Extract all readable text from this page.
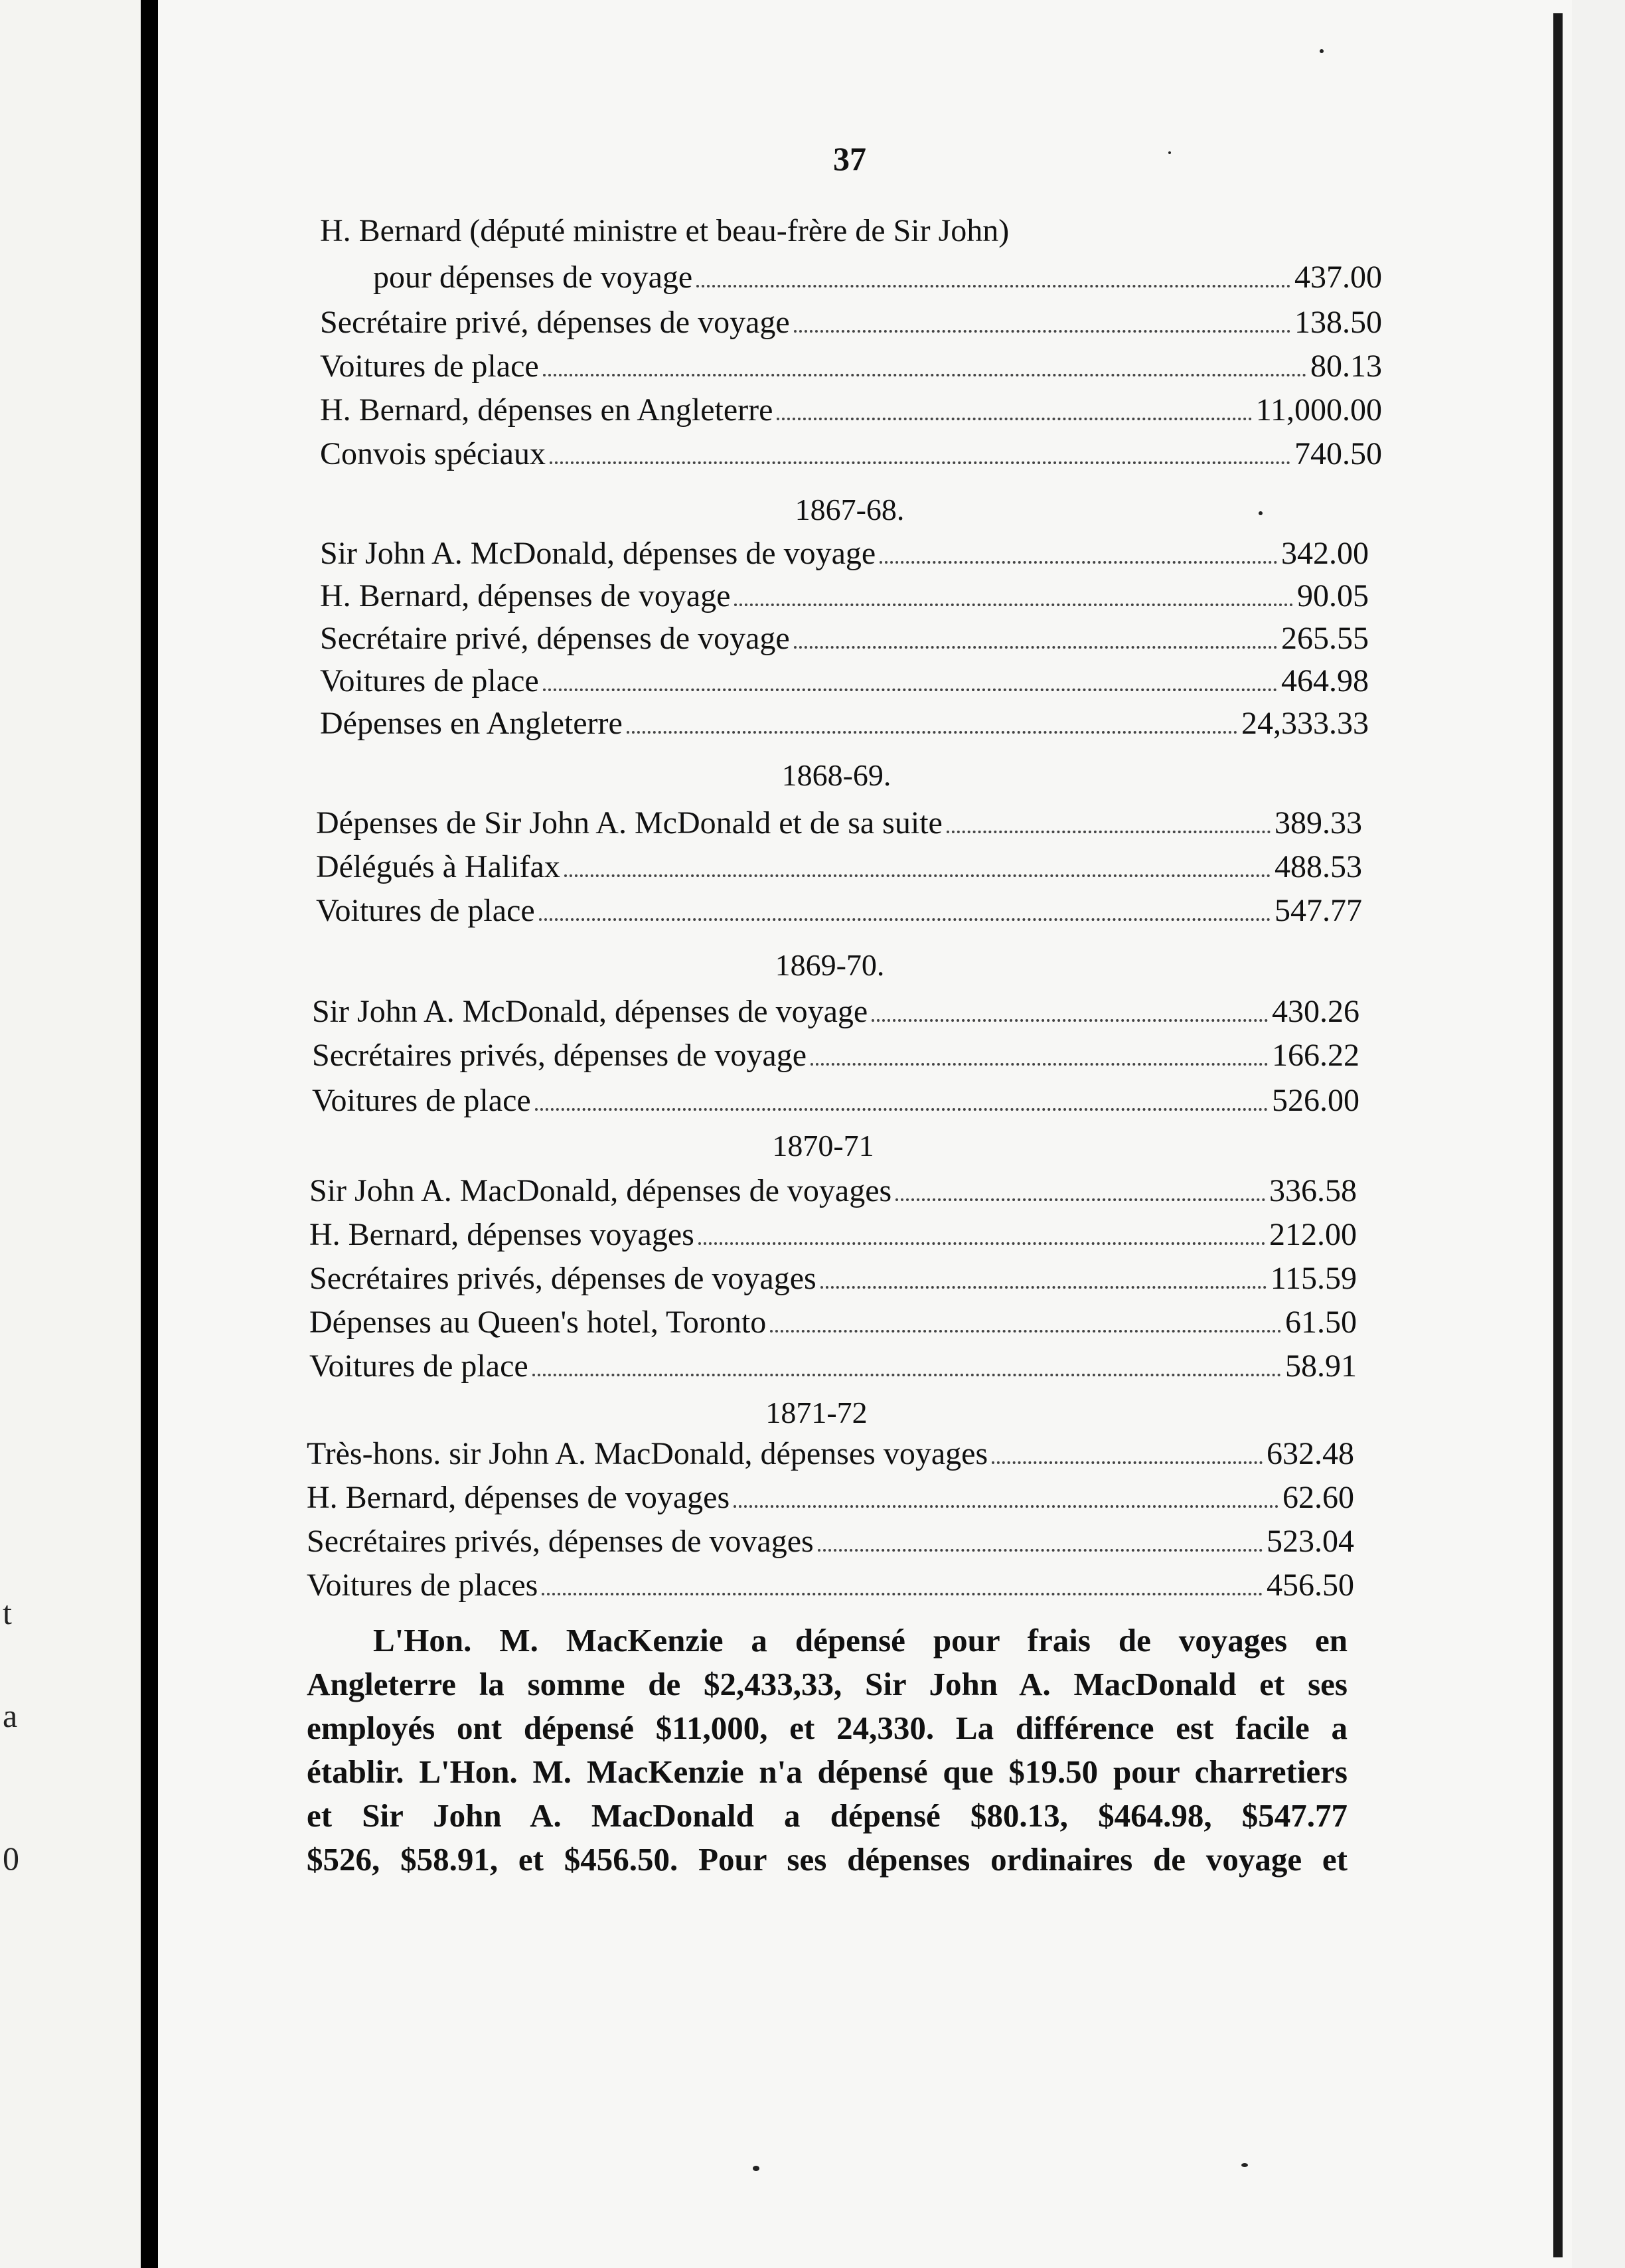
t
a
0
37
H. Bernard (député ministre et beau-frère de Sir John)
pour dépenses de voyage	437.00
Secrétaire privé, dépenses de voyage	138.50
Voitures de place	80.13
H. Bernard, dépenses en Angleterre	11,000.00
Convois spéciaux	740.50
1867-68.
Sir John A. McDonald, dépenses de voyage	342.00
H. Bernard, dépenses de voyage	90.05
Secrétaire privé, dépenses de voyage	265.55
Voitures de place	464.98
Dépenses en Angleterre	24,333.33
1868-69.
Dépenses de Sir John A. McDonald et de sa suite	389.33
Délégués à Halifax	488.53
Voitures de place	547.77
1869-70.
Sir John A. McDonald, dépenses de voyage	430.26
Secrétaires privés, dépenses de voyage	166.22
Voitures de place	526.00
1870-71
Sir John A. MacDonald, dépenses de voyages	336.58
H. Bernard, dépenses voyages	212.00
Secrétaires privés, dépenses de voyages	115.59
Dépenses au Queen's hotel, Toronto	61.50
Voitures de place	58.91
1871-72
Très-hons. sir John A. MacDonald, dépenses voyages	632.48
H. Bernard, dépenses de voyages	62.60
Secrétaires privés, dépenses de vovages	523.04
Voitures de places	456.50
L'Hon. M. MacKenzie a dépensé pour frais de voyages en
Angleterre la somme de $2,433,33, Sir John A. MacDonald et ses
employés ont dépensé $11,000, et 24,330. La différence est facile a
établir. L'Hon. M. MacKenzie n'a dépensé que $19.50 pour charretiers
et Sir John A. MacDonald a dépensé $80.13, $464.98, $547.77
$526, $58.91, et $456.50. Pour ses dépenses ordinaires de voyage et
